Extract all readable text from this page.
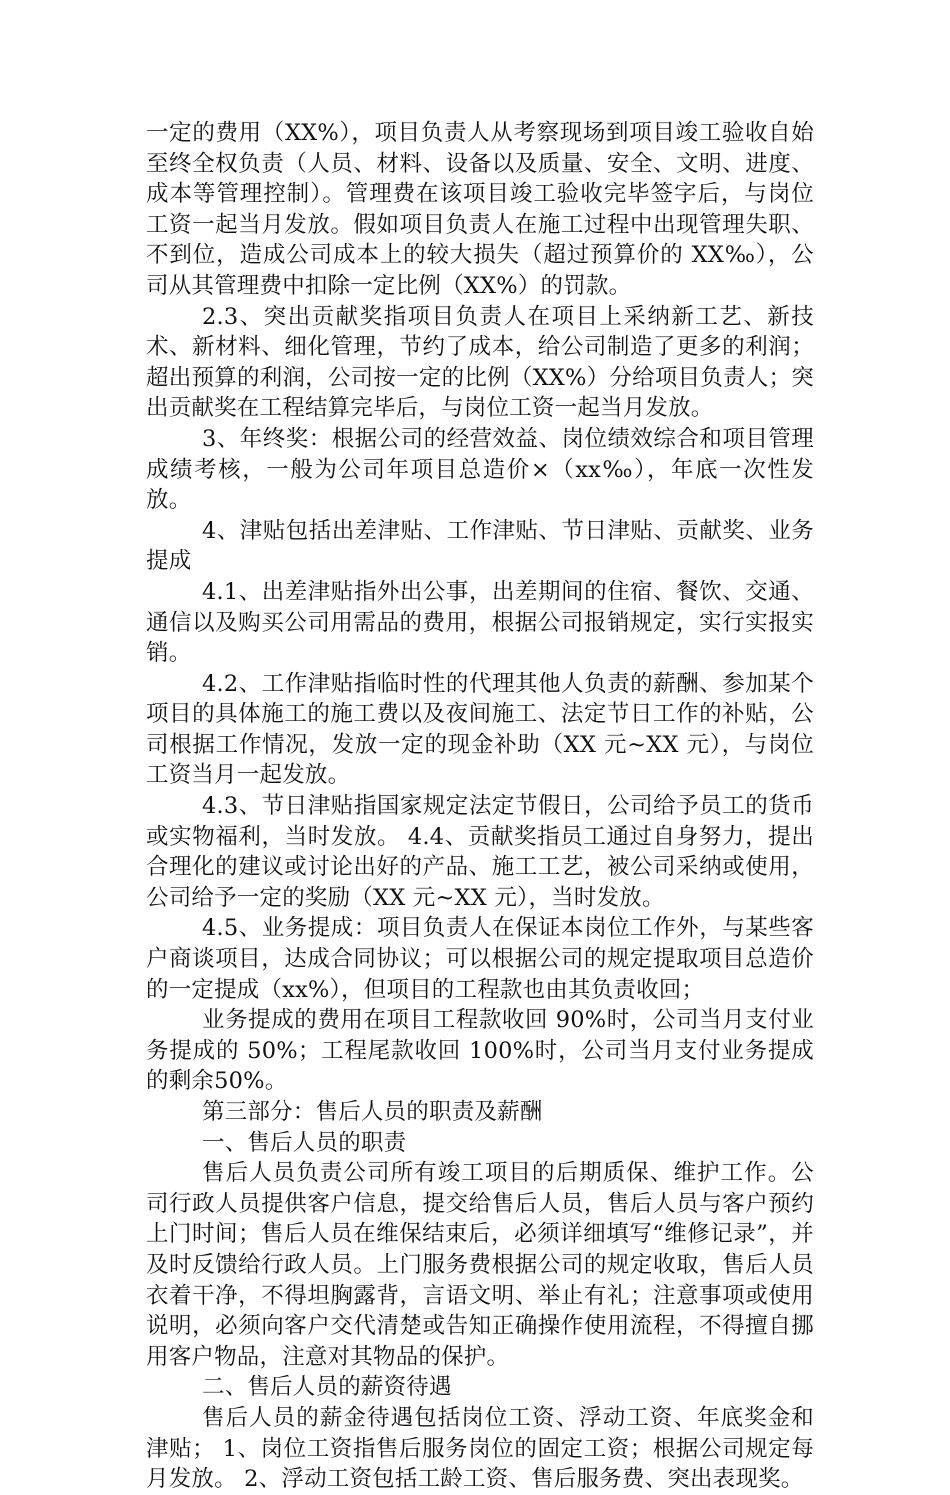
一定的费用（XX%），项目负责人从考察现场到项目竣工验收自始至终全权负责（人员、材料、设备以及质量、安全、文明、进度、成本等管理控制）。管理费在该项目竣工验收完毕签字后，与岗位工资一起当月发放。假如项目负责人在施工过程中出现管理失职、不到位，造成公司成本上的较大损失（超过预算价的 XX‰），公司从其管理费中扣除一定比例（XX%）的罚款。

2.3、突出贡献奖指项目负责人在项目上采纳新工艺、新技术、新材料、细化管理，节约了成本，给公司制造了更多的利润；超出预算的利润，公司按一定的比例（XX%）分给项目负责人；突出贡献奖在工程结算完毕后，与岗位工资一起当月发放。

3、年终奖：根据公司的经营效益、岗位绩效综合和项目管理成绩考核，一般为公司年项目总造价×（xx‰），年底一次性发放。

4、津贴包括出差津贴、工作津贴、节日津贴、贡献奖、业务提成

4.1、出差津贴指外出公事，出差期间的住宿、餐饮、交通、通信以及购买公司用需品的费用，根据公司报销规定，实行实报实销。

4.2、工作津贴指临时性的代理其他人负责的薪酬、参加某个项目的具体施工的施工费以及夜间施工、法定节日工作的补贴，公司根据工作情况，发放一定的现金补助（XX 元~XX 元），与岗位工资当月一起发放。

4.3、节日津贴指国家规定法定节假日，公司给予员工的货币或实物福利，当时发放。 4.4、贡献奖指员工通过自身努力，提出合理化的建议或讨论出好的产品、施工工艺，被公司采纳或使用，公司给予一定的奖励（XX 元~XX 元），当时发放。

4.5、业务提成：项目负责人在保证本岗位工作外，与某些客户商谈项目，达成合同协议；可以根据公司的规定提取项目总造价的一定提成（xx%），但项目的工程款也由其负责收回；

业务提成的费用在项目工程款收回 90%时，公司当月支付业务提成的 50%；工程尾款收回 100%时，公司当月支付业务提成的剩余50%。

第三部分：售后人员的职责及薪酬

一、售后人员的职责

售后人员负责公司所有竣工项目的后期质保、维护工作。公司行政人员提供客户信息，提交给售后人员，售后人员与客户预约上门时间；售后人员在维保结束后，必须详细填写“维修记录”，并及时反馈给行政人员。上门服务费根据公司的规定收取，售后人员衣着干净，不得坦胸露背，言语文明、举止有礼；注意事项或使用说明，必须向客户交代清楚或告知正确操作使用流程，不得擅自挪用客户物品，注意对其物品的保护。

二、售后人员的薪资待遇

售后人员的薪金待遇包括岗位工资、浮动工资、年底奖金和津贴； 1、岗位工资指售后服务岗位的固定工资；根据公司规定每月发放。 2、浮动工资包括工龄工资、售后服务费、突出表现奖。
